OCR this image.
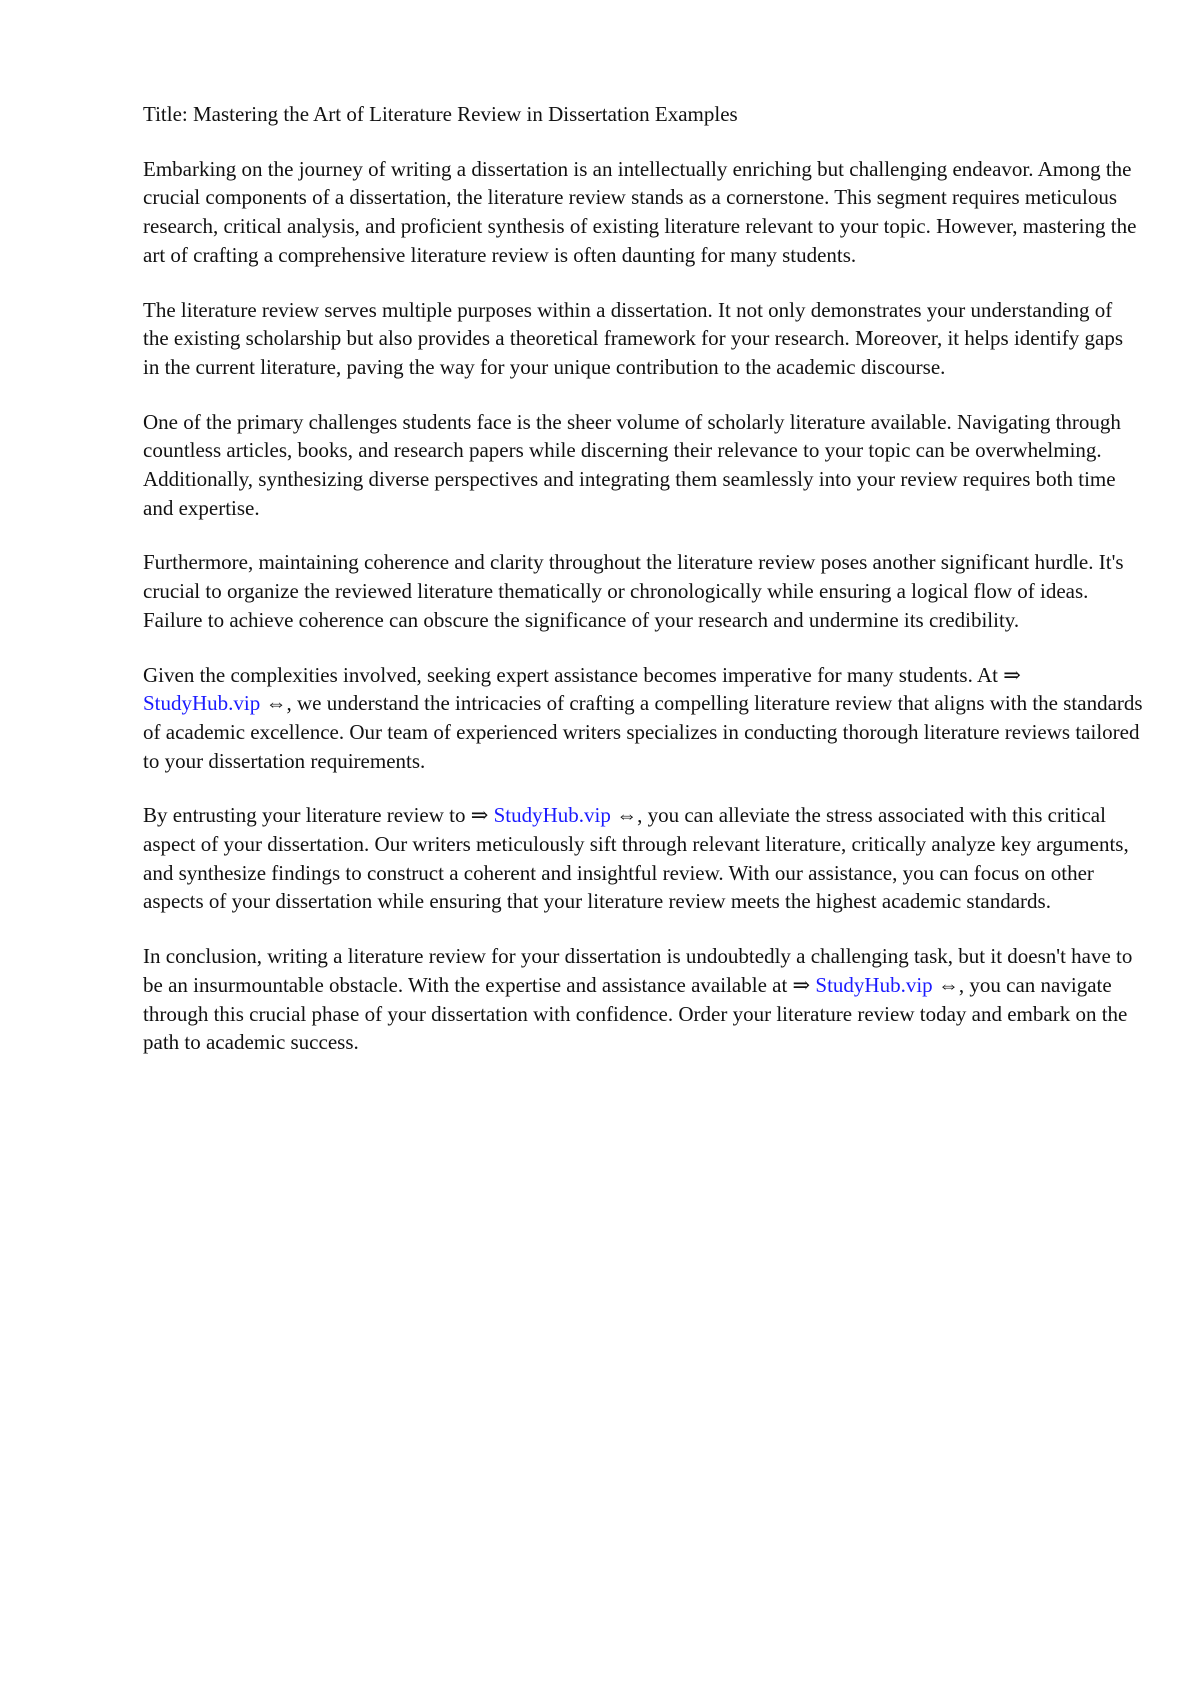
Title: Mastering the Art of Literature Review in Dissertation Examples

Embarking on the journey of writing a dissertation is an intellectually enriching but challenging endeavor. Among the crucial components of a dissertation, the literature review stands as a cornerstone. This segment requires meticulous research, critical analysis, and proficient synthesis of existing literature relevant to your topic. However, mastering the art of crafting a comprehensive literature review is often daunting for many students.

The literature review serves multiple purposes within a dissertation. It not only demonstrates your understanding of the existing scholarship but also provides a theoretical framework for your research. Moreover, it helps identify gaps in the current literature, paving the way for your unique contribution to the academic discourse.

One of the primary challenges students face is the sheer volume of scholarly literature available. Navigating through countless articles, books, and research papers while discerning their relevance to your topic can be overwhelming. Additionally, synthesizing diverse perspectives and integrating them seamlessly into your review requires both time and expertise.

Furthermore, maintaining coherence and clarity throughout the literature review poses another significant hurdle. It's crucial to organize the reviewed literature thematically or chronologically while ensuring a logical flow of ideas. Failure to achieve coherence can obscure the significance of your research and undermine its credibility.

Given the complexities involved, seeking expert assistance becomes imperative for many students. At ⇒ StudyHub.vip ⇔, we understand the intricacies of crafting a compelling literature review that aligns with the standards of academic excellence. Our team of experienced writers specializes in conducting thorough literature reviews tailored to your dissertation requirements.

By entrusting your literature review to ⇒ StudyHub.vip ⇔, you can alleviate the stress associated with this critical aspect of your dissertation. Our writers meticulously sift through relevant literature, critically analyze key arguments, and synthesize findings to construct a coherent and insightful review. With our assistance, you can focus on other aspects of your dissertation while ensuring that your literature review meets the highest academic standards.

In conclusion, writing a literature review for your dissertation is undoubtedly a challenging task, but it doesn't have to be an insurmountable obstacle. With the expertise and assistance available at ⇒ StudyHub.vip ⇔, you can navigate through this crucial phase of your dissertation with confidence. Order your literature review today and embark on the path to academic success.
